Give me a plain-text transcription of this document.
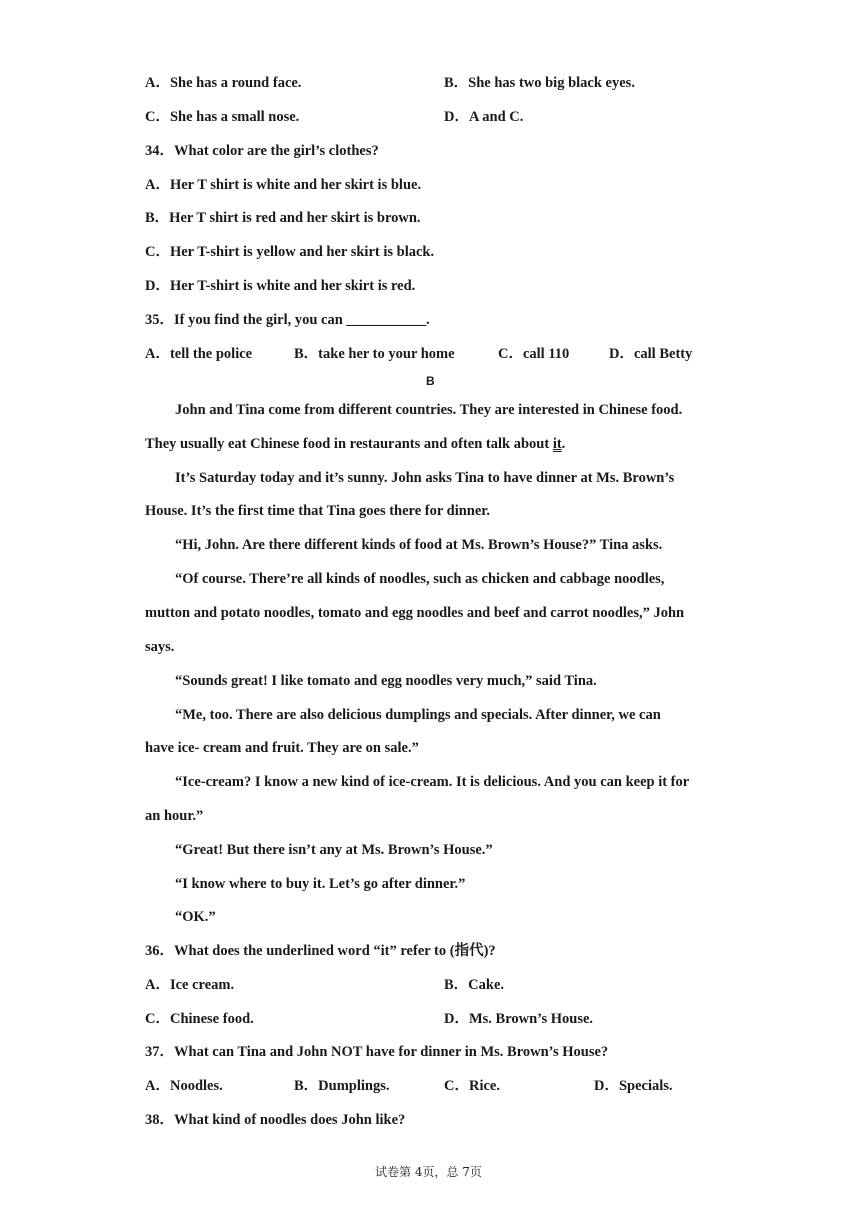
A．She has a round face.	B．She has two big black eyes.
C．She has a small nose.	D．A and C.
34．What color are the girl’s clothes?
A．Her T shirt is white and her skirt is blue.
B．Her T shirt is red and her skirt is brown.
C．Her T-shirt is yellow and her skirt is black.
D．Her T-shirt is white and her skirt is red.
35．If you find the girl, you can ___________.
A．tell the police	B．take her to your home	C．call 110	D．call Betty
B
John and Tina come from different countries. They are interested in Chinese food.
They usually eat Chinese food in restaurants and often talk about it.
It’s Saturday today and it’s sunny. John asks Tina to have dinner at Ms. Brown’s
House. It’s the first time that Tina goes there for dinner.
“Hi, John. Are there different kinds of food at Ms. Brown’s House?” Tina asks.
“Of course. There’re all kinds of noodles, such as chicken and cabbage noodles,
mutton and potato noodles, tomato and egg noodles and beef and carrot noodles,” John
says.
“Sounds great! I like tomato and egg noodles very much,” said Tina.
“Me, too. There are also delicious dumplings and specials. After dinner, we can
have ice- cream and fruit. They are on sale.”
“Ice-cream? I know a new kind of ice-cream. It is delicious. And you can keep it for
an hour.”
“Great! But there isn’t any at Ms. Brown’s House.”
“I know where to buy it. Let’s go after dinner.”
“OK.”
36．What does the underlined word “it” refer to (指代)?
A．Ice cream.	B．Cake.
C．Chinese food.	D．Ms. Brown’s House.
37．What can Tina and John NOT have for dinner in Ms. Brown’s House?
A．Noodles.	B．Dumplings.	C．Rice.	D．Specials.
38．What kind of noodles does John like?
试卷第 4页，总 7页
